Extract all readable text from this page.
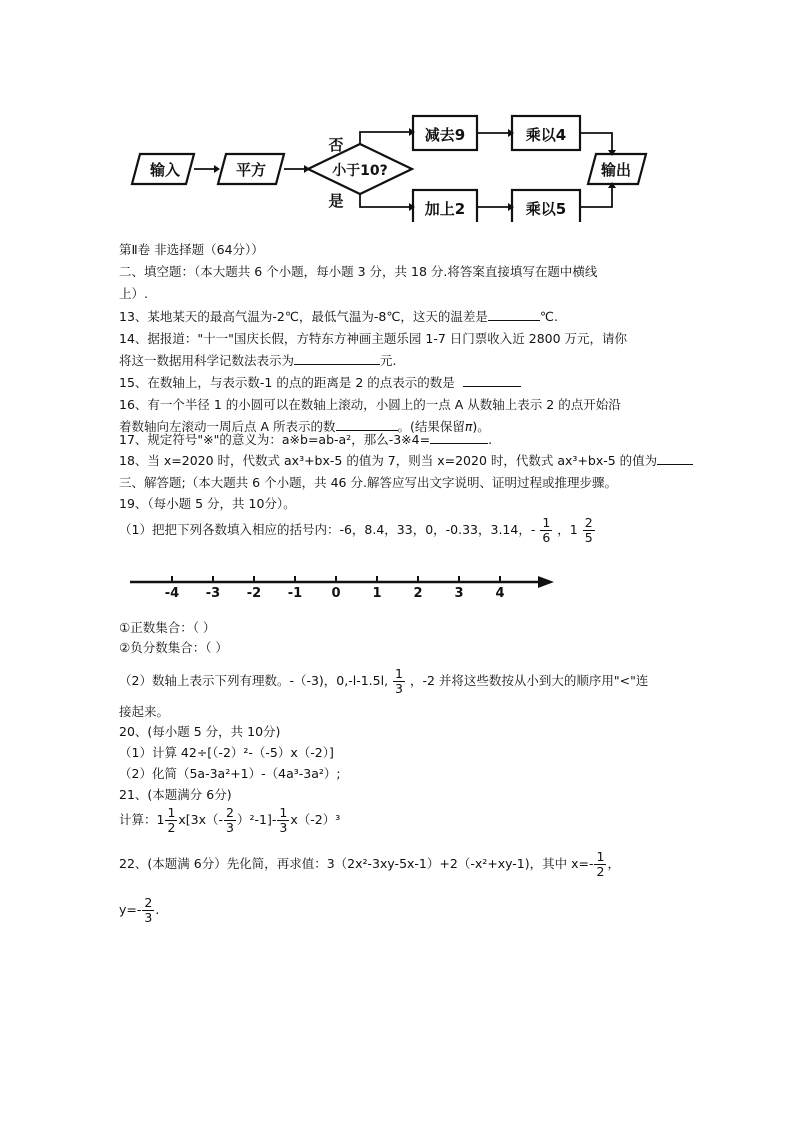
输入	平方	小于10?
否
是
减去9	乘以4
加上2	乘以5
输出
第Ⅱ卷 非选择题（64分））
二、填空题：（本大题共 6 个小题，每小题 3 分，共 18 分.将答案直接填写在题中横线
上）.
13、某地某天的最高气温为-2℃，最低气温为-8℃，这天的温差是	℃.
14、据报道："十一"国庆长假，方特东方神画主题乐园 1-7 日门票收入近 2800 万元，请你
将这一数据用科学记数法表示为	元.
15、在数轴上，与表示数-1 的点的距离是 2 的点表示的数是
16、有一个半径 1 的小圆可以在数轴上滚动，小圆上的一点 A 从数轴上表示 2 的点开始沿
着数轴向左滚动一周后点 A 所表示的数	。(结果保留π)。
17、规定符号"※"的意义为：a※b=ab-a²，那么-3※4=	.
18、当 x=2020 时，代数式 ax³+bx-5 的值为 7，则当 x=2020 时，代数式 ax³+bx-5 的值为
三、解答题;（本大题共 6 个小题，共 46 分.解答应写出文字说明、证明过程或推理步骤。
19、（每小题 5 分，共 10分）。
（1）把把下列各数填入相应的括号内：-6，8.4，33，0，-0.33，3.14，- $\frac{1}{6}$ ，$1 \frac{2}{5}$
-4 -3 -2 -1	0	1	2	3	4
①正数集合：（ ）
②负分数集合：（ ）
（2）数轴上表示下列有理数。-（-3)，0,-l-1.5l, $\frac{1}{3}$ ，-2 并将这些数按从小到大的顺序用"<"连
接起来。
20、(每小题 5 分，共 10分)
（1）计算 42÷[（-2）²-（-5）x（-2）]
（2）化简（5a-3a²+1）-（4a³-3a²）;
21、(本题满分 6分)
计算：$1 \frac{1}{2} x[3x(- \frac{2}{3} )^2-1]- \frac{1}{3} x(-2)^3$
22、(本题满 6分）先化简，再求值：3（2x²-3xy-5x-1）+2（-x²+xy-1)，其中 $x=- \frac{1}{2}$ ，
$y=- \frac{2}{3}$ .
